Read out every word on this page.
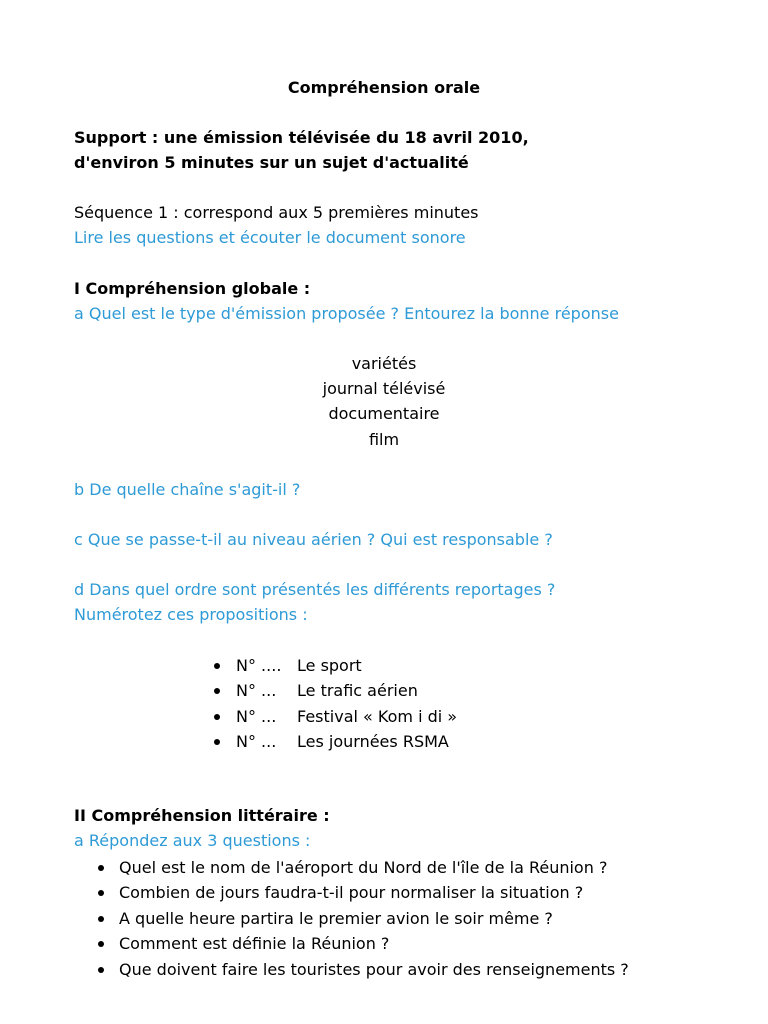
Compréhension orale
Support : une émission télévisée du 18 avril 2010,
d'environ 5 minutes sur un sujet d'actualité
Séquence 1 : correspond aux 5 premières minutes
Lire les questions et écouter le document sonore
I Compréhension globale :
a Quel est le type d'émission proposée ? Entourez la bonne réponse
variétés
journal télévisé
documentaire
film
b De quelle chaîne s'agit-il ?
c Que se passe-t-il au niveau aérien ? Qui est responsable ?
d Dans quel ordre sont présentés les différents reportages ?
Numérotez ces propositions :
N° .... Le sport
N° ... Le trafic aérien
N° ... Festival « Kom i di »
N° ... Les journées RSMA
II Compréhension littéraire :
a Répondez aux 3 questions :
Quel est le nom de l'aéroport du Nord de l'île de la Réunion ?
Combien de jours faudra-t-il pour normaliser la situation ?
A quelle heure partira le premier avion le soir même ?
Comment est définie la Réunion ?
Que doivent faire les touristes pour avoir des renseignements ?
